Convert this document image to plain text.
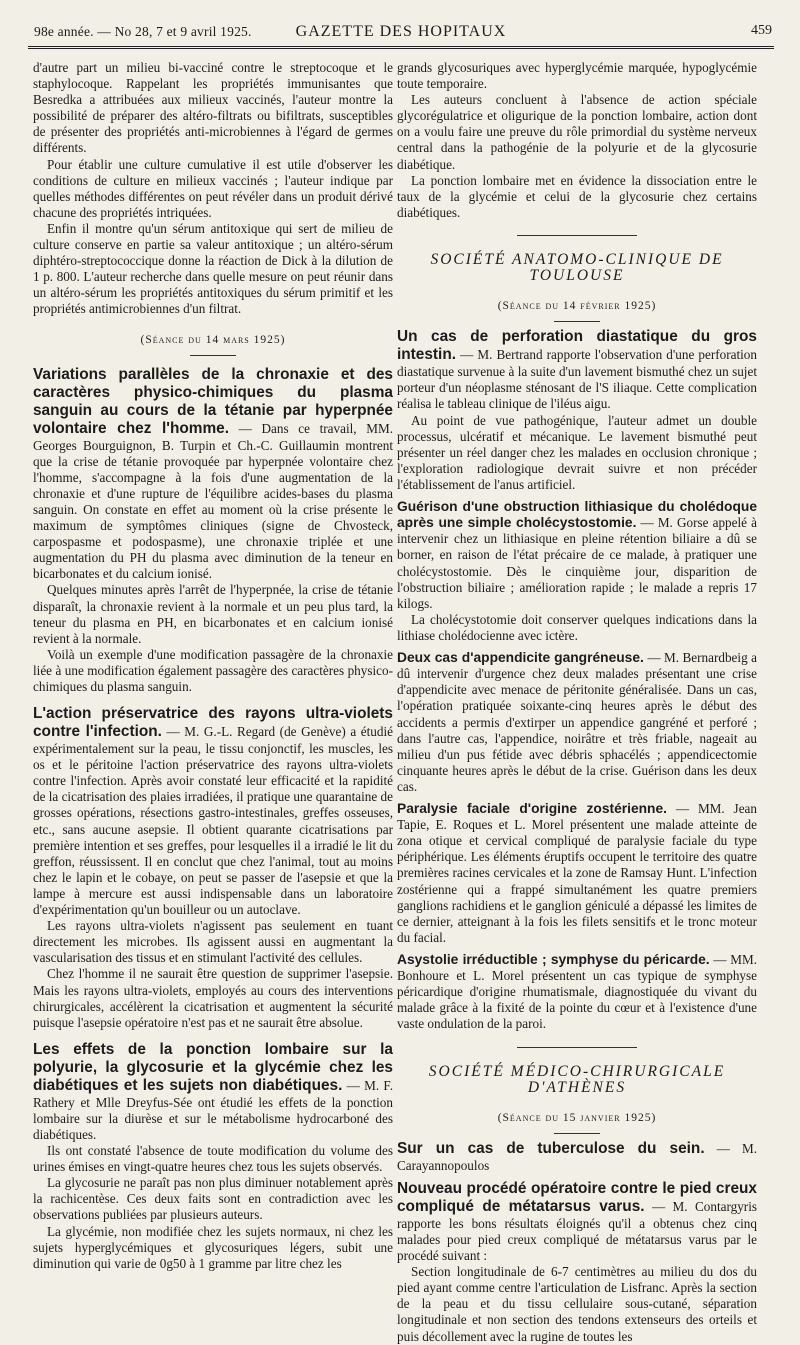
98e année. — No 28, 7 et 9 avril 1925.	GAZETTE DES HOPITAUX	459

d'autre part un milieu bi-vacciné contre le streptocoque et le staphylocoque. Rappelant les propriétés immunisantes que Besredka a attribuées aux milieux vaccinés, l'auteur montre la possibilité de préparer des altéro-filtrats ou bifiltrats, susceptibles de présenter des propriétés anti-microbiennes à l'égard de germes différents.

Pour établir une culture cumulative il est utile d'observer les conditions de culture en milieux vaccinés ; l'auteur indique par quelles méthodes différentes on peut révéler dans un produit dérivé chacune des propriétés intriquées.

Enfin il montre qu'un sérum antitoxique qui sert de milieu de culture conserve en partie sa valeur antitoxique ; un altéro-sérum diphtéro-streptococcique donne la réaction de Dick à la dilution de 1 p. 800. L'auteur recherche dans quelle mesure on peut réunir dans un altéro-sérum les propriétés antitoxiques du sérum primitif et les propriétés antimicrobiennes d'un filtrat.

(Séance du 14 mars 1925)

Variations parallèles de la chronaxie et des caractères physico-chimiques du plasma sanguin au cours de la tétanie par hyperpnée volontaire chez l'homme. — Dans ce travail, MM. Georges Bourguignon, B. Turpin et Ch.-C. Guillaumin montrent que la crise de tétanie provoquée par hyperpnée volontaire chez l'homme, s'accompagne à la fois d'une augmentation de la chronaxie et d'une rupture de l'équilibre acides-bases du plasma sanguin. On constate en effet au moment où la crise présente le maximum de symptômes cliniques (signe de Chvosteck, carpospasme et podospasme), une chronaxie triplée et une augmentation du PH du plasma avec diminution de la teneur en bicarbonates et du calcium ionisé.

Quelques minutes après l'arrêt de l'hyperpnée, la crise de tétanie disparaît, la chronaxie revient à la normale et un peu plus tard, la teneur du plasma en PH, en bicarbonates et en calcium ionisé revient à la normale.

Voilà un exemple d'une modification passagère de la chronaxie liée à une modification également passagère des caractères physico-chimiques du plasma sanguin.

L'action préservatrice des rayons ultra-violets contre l'infection. — M. G.-L. Regard (de Genève) a étudié expérimentalement sur la peau, le tissu conjonctif, les muscles, les os et le péritoine l'action préservatrice des rayons ultra-violets contre l'infection. Après avoir constaté leur efficacité et la rapidité de la cicatrisation des plaies irradiées, il pratique une quarantaine de grosses opérations, résections gastro-intestinales, greffes osseuses, etc., sans aucune asepsie. Il obtient quarante cicatrisations par première intention et ses greffes, pour lesquelles il a irradié le lit du greffon, réussissent. Il en conclut que chez l'animal, tout au moins chez le lapin et le cobaye, on peut se passer de l'asepsie et que la lampe à mercure est aussi indispensable dans un laboratoire d'expérimentation qu'un bouilleur ou un autoclave.

Les rayons ultra-violets n'agissent pas seulement en tuant directement les microbes. Ils agissent aussi en augmentant la vascularisation des tissus et en stimulant l'activité des cellules.

Chez l'homme il ne saurait être question de supprimer l'asepsie. Mais les rayons ultra-violets, employés au cours des interventions chirurgicales, accélèrent la cicatrisation et augmentent la sécurité puisque l'asepsie opératoire n'est pas et ne saurait être absolue.

Les effets de la ponction lombaire sur la polyurie, la glycosurie et la glycémie chez les diabétiques et les sujets non diabétiques. — M. F. Rathery et Mlle Dreyfus-Sée ont étudié les effets de la ponction lombaire sur la diurèse et sur le métabolisme hydrocarboné des diabétiques.

Ils ont constaté l'absence de toute modification du volume des urines émises en vingt-quatre heures chez tous les sujets observés.

La glycosurie ne paraît pas non plus diminuer notablement après la rachicentèse. Ces deux faits sont en contradiction avec les observations publiées par plusieurs auteurs.

La glycémie, non modifiée chez les sujets normaux, ni chez les sujets hyperglycémiques et glycosuriques légers, subit une diminution qui varie de 0g50 à 1 gramme par litre chez les

grands glycosuriques avec hyperglycémie marquée, hypoglycémie toute temporaire.

Les auteurs concluent à l'absence de action spéciale glycorégulatrice et oligurique de la ponction lombaire, action dont on a voulu faire une preuve du rôle primordial du système nerveux central dans la pathogénie de la polyurie et de la glycosurie diabétique.

La ponction lombaire met en évidence la dissociation entre le taux de la glycémie et celui de la glycosurie chez certains diabétiques.

SOCIÉTÉ ANATOMO-CLINIQUE DE TOULOUSE
(Séance du 14 février 1925)

Un cas de perforation diastatique du gros intestin. — M. Bertrand rapporte l'observation d'une perforation diastatique survenue à la suite d'un lavement bismuthé chez un sujet porteur d'un néoplasme sténosant de l'S iliaque. Cette complication réalisa le tableau clinique de l'iléus aigu.

Au point de vue pathogénique, l'auteur admet un double processus, ulcératif et mécanique. Le lavement bismuthé peut présenter un réel danger chez les malades en occlusion chronique ; l'exploration radiologique devrait suivre et non précéder l'établissement de l'anus artificiel.

Guérison d'une obstruction lithiasique du cholédoque après une simple cholécystostomie. — M. Gorse appelé à intervenir chez un lithiasique en pleine rétention biliaire a dû se borner, en raison de l'état précaire de ce malade, à pratiquer une cholécystostomie. Dès le cinquième jour, disparition de l'obstruction biliaire ; amélioration rapide ; le malade a repris 17 kilogs.

La cholécystotomie doit conserver quelques indications dans la lithiase cholédocienne avec ictère.

Deux cas d'appendicite gangréneuse. — M. Bernardbeig a dû intervenir d'urgence chez deux malades présentant une crise d'appendicite avec menace de péritonite généralisée. Dans un cas, l'opération pratiquée soixante-cinq heures après le début des accidents a permis d'extirper un appendice gangréné et perforé ; dans l'autre cas, l'appendice, noirâtre et très friable, nageait au milieu d'un pus fétide avec débris sphacélés ; appendicectomie cinquante heures après le début de la crise. Guérison dans les deux cas.

Paralysie faciale d'origine zostérienne. — MM. Jean Tapie, E. Roques et L. Morel présentent une malade atteinte de zona otique et cervical compliqué de paralysie faciale du type périphérique. Les éléments éruptifs occupent le territoire des quatre premières racines cervicales et la zone de Ramsay Hunt. L'infection zostérienne qui a frappé simultanément les quatre premiers ganglions rachidiens et le ganglion géniculé a dépassé les limites de ce dernier, atteignant à la fois les filets sensitifs et le tronc moteur du facial.

Asystolie irréductible ; symphyse du péricarde. — MM. Bonhoure et L. Morel présentent un cas typique de symphyse péricardique d'origine rhumatismale, diagnostiquée du vivant du malade grâce à la fixité de la pointe du cœur et à l'existence d'une vaste ondulation de la paroi.

SOCIÉTÉ MÉDICO-CHIRURGICALE D'ATHÈNES
(Séance du 15 janvier 1925)

Sur un cas de tuberculose du sein. — M. Carayannopoulos

Nouveau procédé opératoire contre le pied creux compliqué de métatarsus varus. — M. Contargyris rapporte les bons résultats éloignés qu'il a obtenus chez cinq malades pour pied creux compliqué de métatarsus varus par le procédé suivant :

Section longitudinale de 6-7 centimètres au milieu du dos du pied ayant comme centre l'articulation de Lisfranc. Après la section de la peau et du tissu cellulaire sous-cutané, séparation longitudinale et non section des tendons extenseurs des orteils et puis décollement avec la rugine de toutes les
